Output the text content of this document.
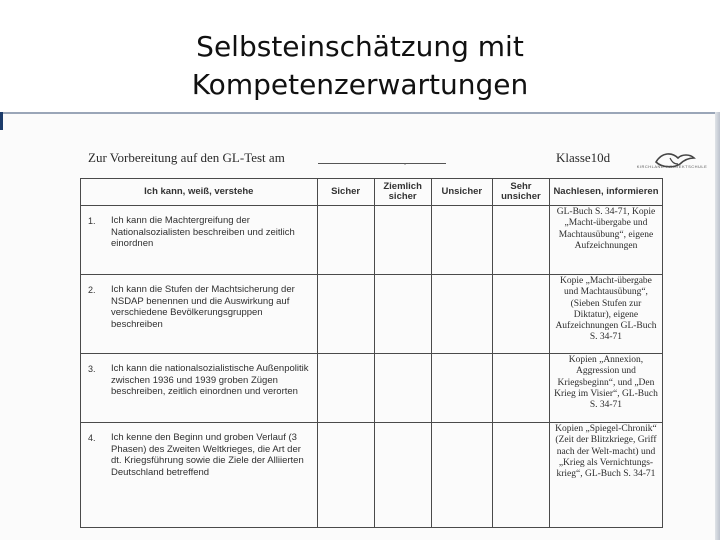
Selbsteinschätzung mit
Kompetenzerwartungen
Zur Vorbereitung auf den GL-Test am
˘
Klasse10d
KIRCHLAND·PROJEKTSCHULE
Ich kann, weiß, verstehe	Sicher	Ziemlich sicher	Unsicher	Sehr unsicher	Nachlesen, informieren

1. Ich kann die Machtergreifung der Nationalsozialisten beschreiben und zeitlich einordnen					GL-Buch S. 34-71, Kopie „Macht-übergabe und Machtausübung“, eigene Aufzeichnungen

2. Ich kann die Stufen der Machtsicherung der NSDAP benennen und die Auswirkung auf verschiedene Bevölkerungsgruppen beschreiben					Kopie „Macht-übergabe und Machtausübung“, (Sieben Stufen zur Diktatur), eigene Aufzeichnungen GL-Buch S. 34-71

3. Ich kann die nationalsozialistische Außenpolitik zwischen 1936 und 1939 groben Zügen beschreiben, zeitlich einordnen und verorten					Kopien „Annexion, Aggression und Kriegsbeginn“, und „Den Krieg im Visier“, GL-Buch S. 34-71

4. Ich kenne den Beginn und groben Verlauf (3 Phasen) des Zweiten Weltkrieges, die Art der dt. Kriegsführung sowie die Ziele der Alliierten Deutschland betreffend					Kopien „Spiegel-Chronik“ (Zeit der Blitzkriege, Griff nach der Welt-macht) und „Krieg als Vernichtungs-krieg“, GL-Buch S. 34-71
